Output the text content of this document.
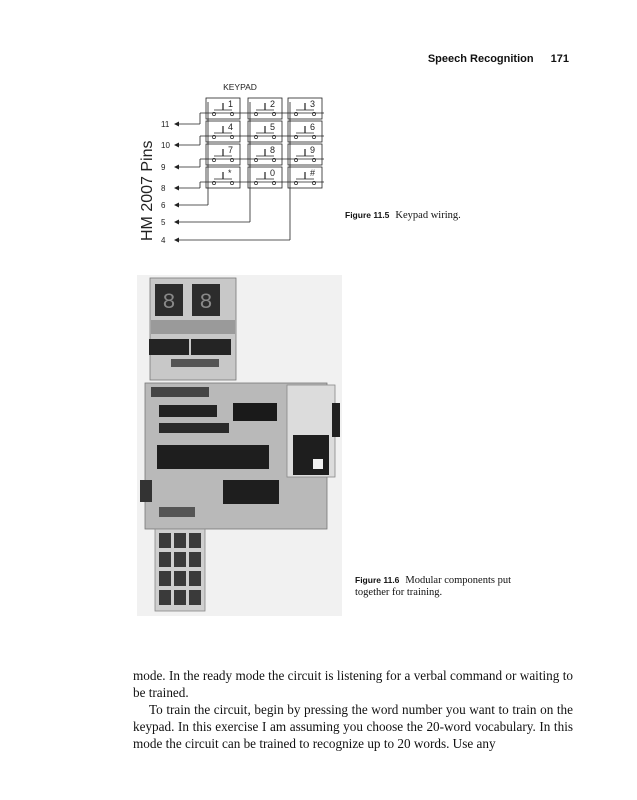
Speech Recognition 171
1	2	3
4	5	6
7	8	9
*	0	#
KEYPAD
HM 2007 Pins
11
10
9
8
6
5
4
Figure 11.5 Keypad wiring.
8 8
Figure 11.6 Modular components put together for training.

mode. In the ready mode the circuit is listening for a verbal command or waiting to be trained.

To train the circuit, begin by pressing the word number you want to train on the keypad. In this exercise I am assuming you choose the 20-word vocabulary. In this mode the circuit can be trained to recognize up to 20 words. Use any
